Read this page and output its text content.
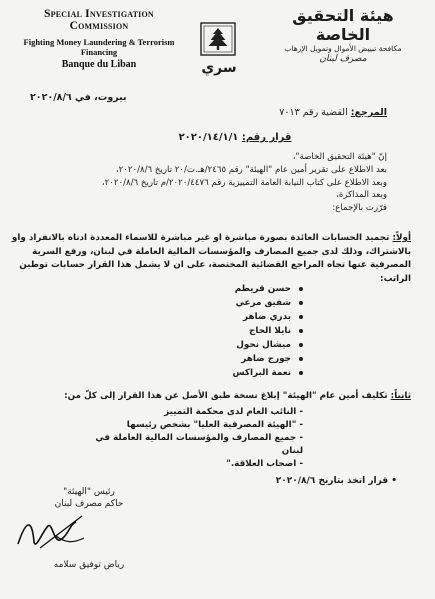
Special Investigation Commission
Fighting Money Laundering & Terrorism Financing
Banque du Liban	سري
هيئة التحقيق الخاصة
مكافحة تبييض الأموال وتمويل الإرهاب
مصرف لبنان
بيروت، في ٢٠٢٠/٨/٦
المرجع: القضية رقم ٧٠١٣
قرار رقم: ٢٠٢٠/١٤/١/١
إنّ "هيئة التحقيق الخاصة"،
بعد الاطلاع على تقرير أمين عام "الهيئة" رقم ٢٤٦٥/هـ.ت/٢٠ تاريخ ٢٠٢٠/٨/٦،
وبعد الاطلاع على كتاب النيابة العامة التمييزية رقم ٢٠٢٠/٤٤٧٦/م تاريخ ٢٠٢٠/٨/٦،
وبعد المذاكرة،
قرّرت بالإجماع:
أولاً: تجميد الحسابات العائدة بصورة مباشرة او غير مباشرة للاسماء المعددة ادناه بالانفراد واو بالاشتراك، وذلك لدى جميع المصارف والمؤسسات المالية العاملة في لبنان، ورفع السرية المصرفية عنها تجاه المراجع القضائية المختصة، على ان لا يشمل هذا القرار حسابات توطين الراتب:
حسن قريطم
شفيق مرعي
بدري ضاهر
نايلا الحاج
ميشال نحول
جورج ضاهر
نعمة البراكس
ثانياً: تكليف أمين عام "الهيئة" إبلاغ نسخة طبق الأصل عن هذا القرار إلى كلّ من:
- النائب العام لدى محكمة التمييز
- "الهيئة المصرفية العليا" بشخص رئيسها
- جميع المصارف والمؤسسات المالية العاملة في لبنان
- اصحاب العلاقة."
• قرار اتخذ بتاريخ ٢٠٢٠/٨/٦
رئيس "الهيئة"
حاكم مصرف لبنان
رياض توفيق سلامه
